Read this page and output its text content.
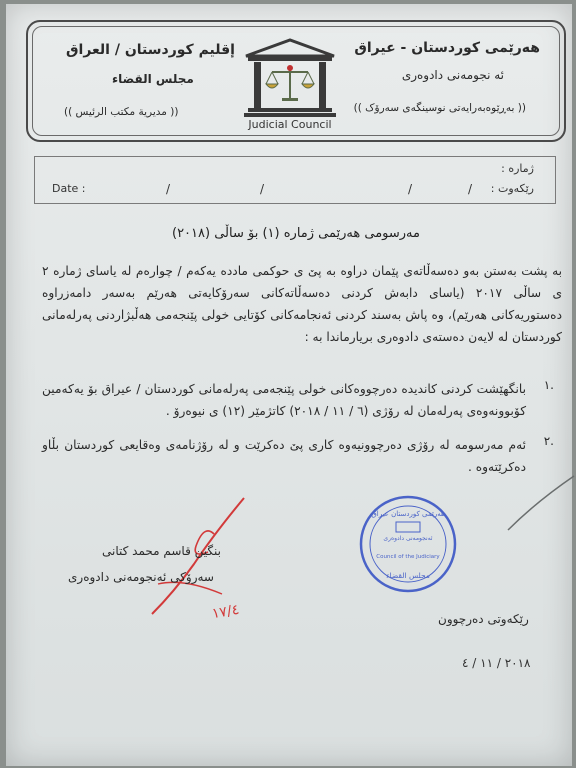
هەرێمی کوردستان - عیراق
ئە نجومەنی دادوەری
(( بەڕێوەبەرایەتی نوسینگەی سەرۆک ))
إقليم كوردستان / العراق
مجلس القضاء
(( مديرية مكتب الرئيس ))
Judicial Council
ژمارە :
رێکەوت :
Date :	/	/	/	/
مەرسومی هەرێمی ژمارە (١) بۆ ساڵی (٢٠١٨)
بە پشت بەستن بەو دەسەڵاتەی پێمان دراوە بە پێ ی حوکمی ماددە یەکەم / چوارەم لە یاسای ژمارە ٢ ی ساڵی ٢٠١٧ (یاسای دابەش کردنی دەسەڵاتەکانی سەرۆکایەتی هەرێم بەسەر دامەزراوە دەستوریەکانی هەرێم)، وە پاش بەسند کردنی ئەنجامەکانی کۆتایی خولی پێنجەمی هەڵبژاردنی پەرلەمانی کوردستان لە لایەن دەستەی دادوەری بریارماندا بە :
١.
بانگهێشت کردنی کاندیدە دەرچووەکانی خولی پێنجەمی پەرلەمانی کوردستان / عیراق بۆ یەکەمین کۆبوونەوەی پەرلەمان لە رۆژی (٦ / ١١ / ٢٠١٨) کاتژمێر (١٢) ی نیوەرۆ .
٢.
ئەم مەرسومە لە رۆژی دەرچوونیەوە کاری پێ دەکرێت و لە رۆژنامەی وەقایعی کوردستان بڵاو دەکرێتەوە .
١٧/٤
بنگین قاسم محمد کتانی
سەرۆکی ئەنجومەنی دادوەری
هەرێمی کوردستان عیراق
ئەنجومەنی دادوەری
Council of the Judiciary
مجلس القضاء
رێکەوتی دەرچوون
٢٠١٨ / ١١ / ٤
